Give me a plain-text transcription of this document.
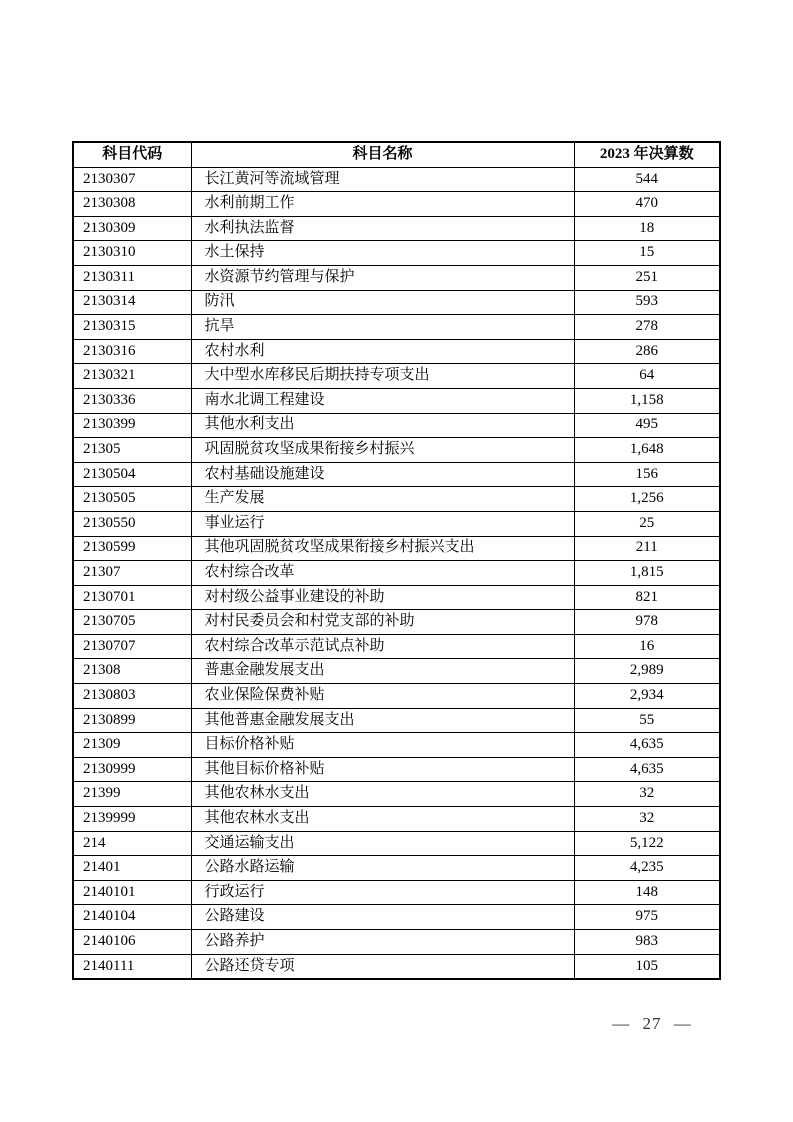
科目代码	科目名称	2023 年决算数
2130307	长江黄河等流域管理	544
2130308	水利前期工作	470
2130309	水利执法监督	18
2130310	水土保持	15
2130311	水资源节约管理与保护	251
2130314	防汛	593
2130315	抗旱	278
2130316	农村水利	286
2130321	大中型水库移民后期扶持专项支出	64
2130336	南水北调工程建设	1,158
2130399	其他水利支出	495
21305	巩固脱贫攻坚成果衔接乡村振兴	1,648
2130504	农村基础设施建设	156
2130505	生产发展	1,256
2130550	事业运行	25
2130599	其他巩固脱贫攻坚成果衔接乡村振兴支出	211
21307	农村综合改革	1,815
2130701	对村级公益事业建设的补助	821
2130705	对村民委员会和村党支部的补助	978
2130707	农村综合改革示范试点补助	16
21308	普惠金融发展支出	2,989
2130803	农业保险保费补贴	2,934
2130899	其他普惠金融发展支出	55
21309	目标价格补贴	4,635
2130999	其他目标价格补贴	4,635
21399	其他农林水支出	32
2139999	其他农林水支出	32
214	交通运输支出	5,122
21401	公路水路运输	4,235
2140101	行政运行	148
2140104	公路建设	975
2140106	公路养护	983
2140111	公路还贷专项	105
— 27 —
